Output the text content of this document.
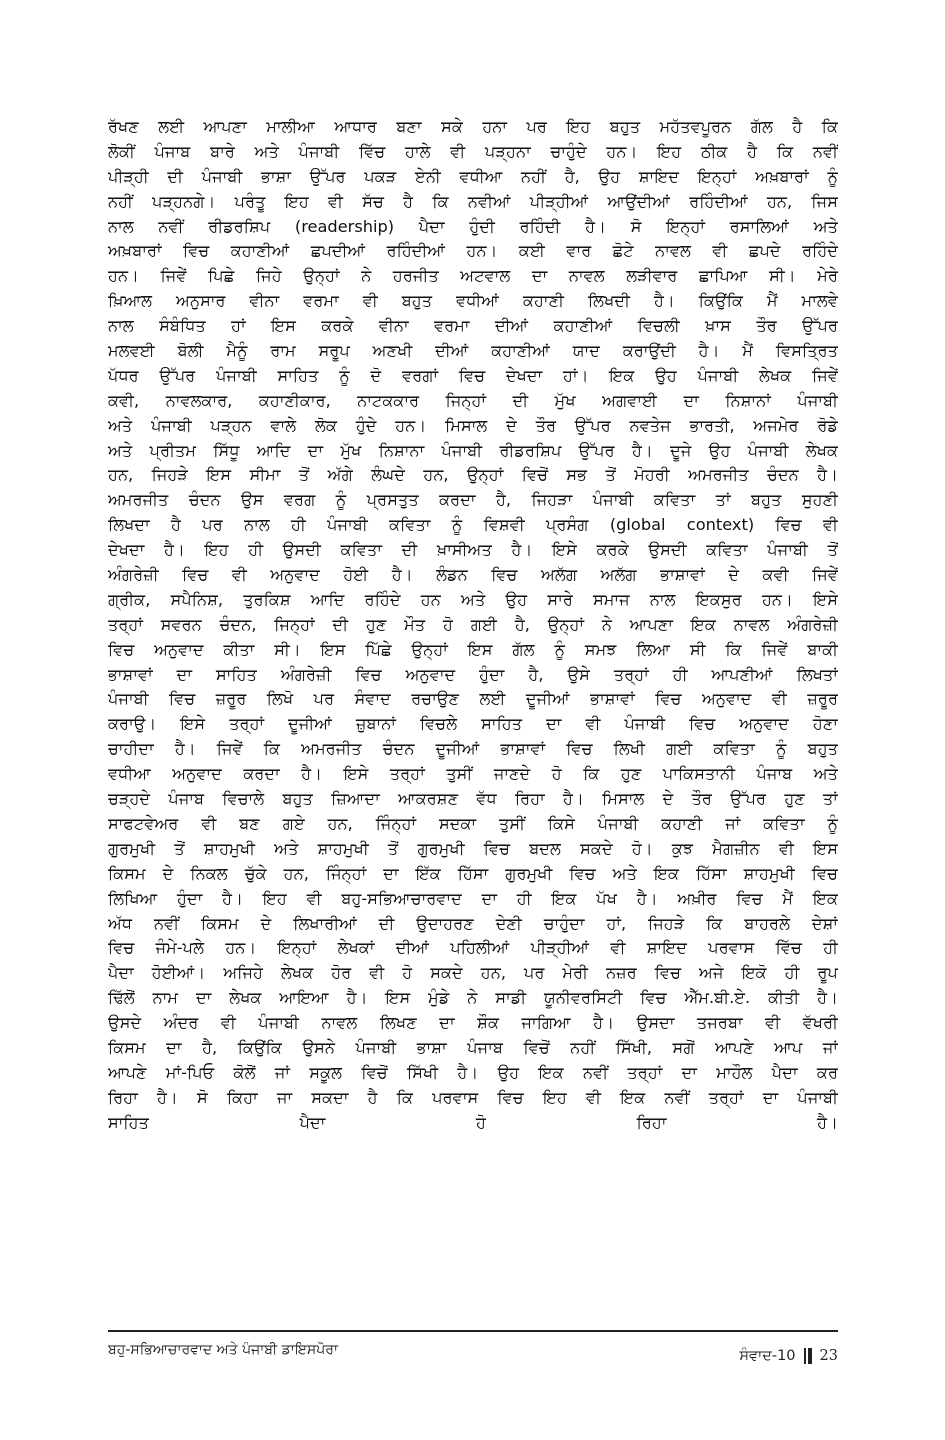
ਰੱਖਣ ਲਈ ਆਪਣਾ ਮਾਲੀਆ ਆਧਾਰ ਬਣਾ ਸਕੇ ਹਨਾ ਪਰ ਇਹ ਬਹੁਤ ਮਹੱਤਵਪੂਰਨ ਗੱਲ ਹੈ ਕਿ
ਲੋਕੀਂ ਪੰਜਾਬ ਬਾਰੇ ਅਤੇ ਪੰਜਾਬੀ ਵਿੱਚ ਹਾਲੇ ਵੀ ਪੜ੍ਹਨਾ ਚਾਹੁੰਦੇ ਹਨ। ਇਹ ਠੀਕ ਹੈ ਕਿ ਨਵੀਂ
ਪੀੜ੍ਹੀ ਦੀ ਪੰਜਾਬੀ ਭਾਸ਼ਾ ਉੱਪਰ ਪਕੜ ਏਨੀ ਵਧੀਆ ਨਹੀਂ ਹੈ, ਉਹ ਸ਼ਾਇਦ ਇਨ੍ਹਾਂ ਅਖ਼ਬਾਰਾਂ ਨੂੰ
ਨਹੀਂ ਪੜ੍ਹਨਗੇ। ਪਰੰਤੂ ਇਹ ਵੀ ਸੱਚ ਹੈ ਕਿ ਨਵੀਆਂ ਪੀੜ੍ਹੀਆਂ ਆਉਂਦੀਆਂ ਰਹਿੰਦੀਆਂ ਹਨ, ਜਿਸ
ਨਾਲ ਨਵੀਂ ਰੀਡਰਸ਼ਿਪ (readership) ਪੈਦਾ ਹੁੰਦੀ ਰਹਿੰਦੀ ਹੈ। ਸੋ ਇਨ੍ਹਾਂ ਰਸਾਲਿਆਂ ਅਤੇ
ਅਖ਼ਬਾਰਾਂ ਵਿਚ ਕਹਾਣੀਆਂ ਛਪਦੀਆਂ ਰਹਿੰਦੀਆਂ ਹਨ। ਕਈ ਵਾਰ ਛੋਟੇ ਨਾਵਲ ਵੀ ਛਪਦੇ ਰਹਿੰਦੇ
ਹਨ। ਜਿਵੇਂ ਪਿਛੇ ਜਿਹੇ ਉਨ੍ਹਾਂ ਨੇ ਹਰਜੀਤ ਅਟਵਾਲ ਦਾ ਨਾਵਲ ਲੜੀਵਾਰ ਛਾਪਿਆ ਸੀ। ਮੇਰੇ
ਖ਼ਿਆਲ ਅਨੁਸਾਰ ਵੀਨਾ ਵਰਮਾ ਵੀ ਬਹੁਤ ਵਧੀਆਂ ਕਹਾਣੀ ਲਿਖਦੀ ਹੈ। ਕਿਉਂਕਿ ਮੈਂ ਮਾਲਵੇ
ਨਾਲ ਸੰਬੰਧਿਤ ਹਾਂ ਇਸ ਕਰਕੇ ਵੀਨਾ ਵਰਮਾ ਦੀਆਂ ਕਹਾਣੀਆਂ ਵਿਚਲੀ ਖ਼ਾਸ ਤੌਰ ਉੱਪਰ
ਮਲਵਈ ਬੋਲੀ ਮੈਨੂੰ ਰਾਮ ਸਰੂਪ ਅਣਖੀ ਦੀਆਂ ਕਹਾਣੀਆਂ ਯਾਦ ਕਰਾਉਂਦੀ ਹੈ। ਮੈਂ ਵਿਸਤ੍ਰਿਤ
ਪੱਧਰ ਉੱਪਰ ਪੰਜਾਬੀ ਸਾਹਿਤ ਨੂੰ ਦੋ ਵਰਗਾਂ ਵਿਚ ਦੇਖਦਾ ਹਾਂ। ਇਕ ਉਹ ਪੰਜਾਬੀ ਲੇਖਕ ਜਿਵੇਂ
ਕਵੀ, ਨਾਵਲਕਾਰ, ਕਹਾਣੀਕਾਰ, ਨਾਟਕਕਾਰ ਜਿਨ੍ਹਾਂ ਦੀ ਮੁੱਖ ਅਗਵਾਈ ਦਾ ਨਿਸ਼ਾਨਾਂ ਪੰਜਾਬੀ
ਅਤੇ ਪੰਜਾਬੀ ਪੜ੍ਹਨ ਵਾਲੇ ਲੋਕ ਹੁੰਦੇ ਹਨ। ਮਿਸਾਲ ਦੇ ਤੌਰ ਉੱਪਰ ਨਵਤੇਜ ਭਾਰਤੀ, ਅਜਮੇਰ ਰੋਡੇ
ਅਤੇ ਪ੍ਰੀਤਮ ਸਿੱਧੂ ਆਦਿ ਦਾ ਮੁੱਖ ਨਿਸ਼ਾਨਾ ਪੰਜਾਬੀ ਰੀਡਰਸ਼ਿਪ ਉੱਪਰ ਹੈ। ਦੂਜੇ ਉਹ ਪੰਜਾਬੀ ਲੇਖਕ
ਹਨ, ਜਿਹੜੇ ਇਸ ਸੀਮਾ ਤੋਂ ਅੱਗੇ ਲੰਘਦੇ ਹਨ, ਉਨ੍ਹਾਂ ਵਿਚੋਂ ਸਭ ਤੋਂ ਮੋਹਰੀ ਅਮਰਜੀਤ ਚੰਦਨ ਹੈ।
ਅਮਰਜੀਤ ਚੰਦਨ ਉਸ ਵਰਗ ਨੂੰ ਪ੍ਰਸਤੁਤ ਕਰਦਾ ਹੈ, ਜਿਹੜਾ ਪੰਜਾਬੀ ਕਵਿਤਾ ਤਾਂ ਬਹੁਤ ਸੁਹਣੀ
ਲਿਖਦਾ ਹੈ ਪਰ ਨਾਲ ਹੀ ਪੰਜਾਬੀ ਕਵਿਤਾ ਨੂੰ ਵਿਸ਼ਵੀ ਪ੍ਰਸੰਗ (global context) ਵਿਚ ਵੀ
ਦੇਖਦਾ ਹੈ। ਇਹ ਹੀ ਉਸਦੀ ਕਵਿਤਾ ਦੀ ਖ਼ਾਸੀਅਤ ਹੈ। ਇਸੇ ਕਰਕੇ ਉਸਦੀ ਕਵਿਤਾ ਪੰਜਾਬੀ ਤੋਂ
ਅੰਗਰੇਜ਼ੀ ਵਿਚ ਵੀ ਅਨੁਵਾਦ ਹੋਈ ਹੈ। ਲੰਡਨ ਵਿਚ ਅਲੱਗ ਅਲੱਗ ਭਾਸ਼ਾਵਾਂ ਦੇ ਕਵੀ ਜਿਵੇਂ
ਗ੍ਰੀਕ, ਸਪੈਨਿਸ਼, ਤੁਰਕਿਸ਼ ਆਦਿ ਰਹਿੰਦੇ ਹਨ ਅਤੇ ਉਹ ਸਾਰੇ ਸਮਾਜ ਨਾਲ ਇਕਸੁਰ ਹਨ। ਇਸੇ
ਤਰ੍ਹਾਂ ਸਵਰਨ ਚੰਦਨ, ਜਿਨ੍ਹਾਂ ਦੀ ਹੁਣ ਮੌਤ ਹੋ ਗਈ ਹੈ, ਉਨ੍ਹਾਂ ਨੇ ਆਪਣਾ ਇਕ ਨਾਵਲ ਅੰਗਰੇਜ਼ੀ
ਵਿਚ ਅਨੁਵਾਦ ਕੀਤਾ ਸੀ। ਇਸ ਪਿੱਛੇ ਉਨ੍ਹਾਂ ਇਸ ਗੱਲ ਨੂੰ ਸਮਝ ਲਿਆ ਸੀ ਕਿ ਜਿਵੇਂ ਬਾਕੀ
ਭਾਸ਼ਾਵਾਂ ਦਾ ਸਾਹਿਤ ਅੰਗਰੇਜ਼ੀ ਵਿਚ ਅਨੁਵਾਦ ਹੁੰਦਾ ਹੈ, ਉਸੇ ਤਰ੍ਹਾਂ ਹੀ ਆਪਣੀਆਂ ਲਿਖਤਾਂ
ਪੰਜਾਬੀ ਵਿਚ ਜ਼ਰੂਰ ਲਿਖੋ ਪਰ ਸੰਵਾਦ ਰਚਾਉਣ ਲਈ ਦੂਜੀਆਂ ਭਾਸ਼ਾਵਾਂ ਵਿਚ ਅਨੁਵਾਦ ਵੀ ਜ਼ਰੂਰ
ਕਰਾਉ। ਇਸੇ ਤਰ੍ਹਾਂ ਦੂਜੀਆਂ ਜ਼ੁਬਾਨਾਂ ਵਿਚਲੇ ਸਾਹਿਤ ਦਾ ਵੀ ਪੰਜਾਬੀ ਵਿਚ ਅਨੁਵਾਦ ਹੋਣਾ
ਚਾਹੀਦਾ ਹੈ। ਜਿਵੇਂ ਕਿ ਅਮਰਜੀਤ ਚੰਦਨ ਦੂਜੀਆਂ ਭਾਸ਼ਾਵਾਂ ਵਿਚ ਲਿਖੀ ਗਈ ਕਵਿਤਾ ਨੂੰ ਬਹੁਤ
ਵਧੀਆ ਅਨੁਵਾਦ ਕਰਦਾ ਹੈ। ਇਸੇ ਤਰ੍ਹਾਂ ਤੁਸੀਂ ਜਾਣਦੇ ਹੋ ਕਿ ਹੁਣ ਪਾਕਿਸਤਾਨੀ ਪੰਜਾਬ ਅਤੇ
ਚੜ੍ਹਦੇ ਪੰਜਾਬ ਵਿਚਾਲੇ ਬਹੁਤ ਜ਼ਿਆਦਾ ਆਕਰਸ਼ਣ ਵੱਧ ਰਿਹਾ ਹੈ। ਮਿਸਾਲ ਦੇ ਤੌਰ ਉੱਪਰ ਹੁਣ ਤਾਂ
ਸਾਫਟਵੇਅਰ ਵੀ ਬਣ ਗਏ ਹਨ, ਜਿੰਨ੍ਹਾਂ ਸਦਕਾ ਤੁਸੀਂ ਕਿਸੇ ਪੰਜਾਬੀ ਕਹਾਣੀ ਜਾਂ ਕਵਿਤਾ ਨੂੰ
ਗੁਰਮੁਖੀ ਤੋਂ ਸ਼ਾਹਮੁਖੀ ਅਤੇ ਸ਼ਾਹਮੁਖੀ ਤੋਂ ਗੁਰਮੁਖੀ ਵਿਚ ਬਦਲ ਸਕਦੇ ਹੋ। ਕੁਝ ਮੈਗਜ਼ੀਨ ਵੀ ਇਸ
ਕਿਸਮ ਦੇ ਨਿਕਲ ਚੁੱਕੇ ਹਨ, ਜਿੰਨ੍ਹਾਂ ਦਾ ਇੱਕ ਹਿੱਸਾ ਗੁਰਮੁਖੀ ਵਿਚ ਅਤੇ ਇਕ ਹਿੱਸਾ ਸ਼ਾਹਮੁਖੀ ਵਿਚ
ਲਿਖਿਆ ਹੁੰਦਾ ਹੈ। ਇਹ ਵੀ ਬਹੁ-ਸਭਿਆਚਾਰਵਾਦ ਦਾ ਹੀ ਇਕ ਪੱਖ ਹੈ। ਅਖ਼ੀਰ ਵਿਚ ਮੈਂ ਇਕ
ਅੱਧ ਨਵੀਂ ਕਿਸਮ ਦੇ ਲਿਖਾਰੀਆਂ ਦੀ ਉਦਾਹਰਣ ਦੇਣੀ ਚਾਹੁੰਦਾ ਹਾਂ, ਜਿਹੜੇ ਕਿ ਬਾਹਰਲੇ ਦੇਸ਼ਾਂ
ਵਿਚ ਜੰਮੇ-ਪਲੇ ਹਨ। ਇਨ੍ਹਾਂ ਲੇਖਕਾਂ ਦੀਆਂ ਪਹਿਲੀਆਂ ਪੀੜ੍ਹੀਆਂ ਵੀ ਸ਼ਾਇਦ ਪਰਵਾਸ ਵਿੱਚ ਹੀ
ਪੈਦਾ ਹੋਈਆਂ। ਅਜਿਹੇ ਲੇਖਕ ਹੋਰ ਵੀ ਹੋ ਸਕਦੇ ਹਨ, ਪਰ ਮੇਰੀ ਨਜ਼ਰ ਵਿਚ ਅਜੇ ਇਕੋ ਹੀ ਰੂਪ
ਢਿੱਲੋਂ ਨਾਮ ਦਾ ਲੇਖਕ ਆਇਆ ਹੈ। ਇਸ ਮੁੰਡੇ ਨੇ ਸਾਡੀ ਯੂਨੀਵਰਸਿਟੀ ਵਿਚ ਐੱਮ.ਬੀ.ਏ. ਕੀਤੀ ਹੈ।
ਉਸਦੇ ਅੰਦਰ ਵੀ ਪੰਜਾਬੀ ਨਾਵਲ ਲਿਖਣ ਦਾ ਸ਼ੌਕ ਜਾਗਿਆ ਹੈ। ਉਸਦਾ ਤਜਰਬਾ ਵੀ ਵੱਖਰੀ
ਕਿਸਮ ਦਾ ਹੈ, ਕਿਉਂਕਿ ਉਸਨੇ ਪੰਜਾਬੀ ਭਾਸ਼ਾ ਪੰਜਾਬ ਵਿਚੋਂ ਨਹੀਂ ਸਿੱਖੀ, ਸਗੋਂ ਆਪਣੇ ਆਪ ਜਾਂ
ਆਪਣੇ ਮਾਂ-ਪਿਓ ਕੋਲੋਂ ਜਾਂ ਸਕੂਲ ਵਿਚੋਂ ਸਿੱਖੀ ਹੈ। ਉਹ ਇਕ ਨਵੀਂ ਤਰ੍ਹਾਂ ਦਾ ਮਾਹੌਲ ਪੈਦਾ ਕਰ
ਰਿਹਾ ਹੈ। ਸੋ ਕਿਹਾ ਜਾ ਸਕਦਾ ਹੈ ਕਿ ਪਰਵਾਸ ਵਿਚ ਇਹ ਵੀ ਇਕ ਨਵੀਂ ਤਰ੍ਹਾਂ ਦਾ ਪੰਜਾਬੀ
ਸਾਹਿਤ ਪੈਦਾ ਹੋ ਰਿਹਾ ਹੈ।
ਬਹੁ-ਸਭਿਆਚਾਰਵਾਦ ਅਤੇ ਪੰਜਾਬੀ ਡਾਇਸਪੋਰਾ	ਸੰਵਾਦ-10 23
